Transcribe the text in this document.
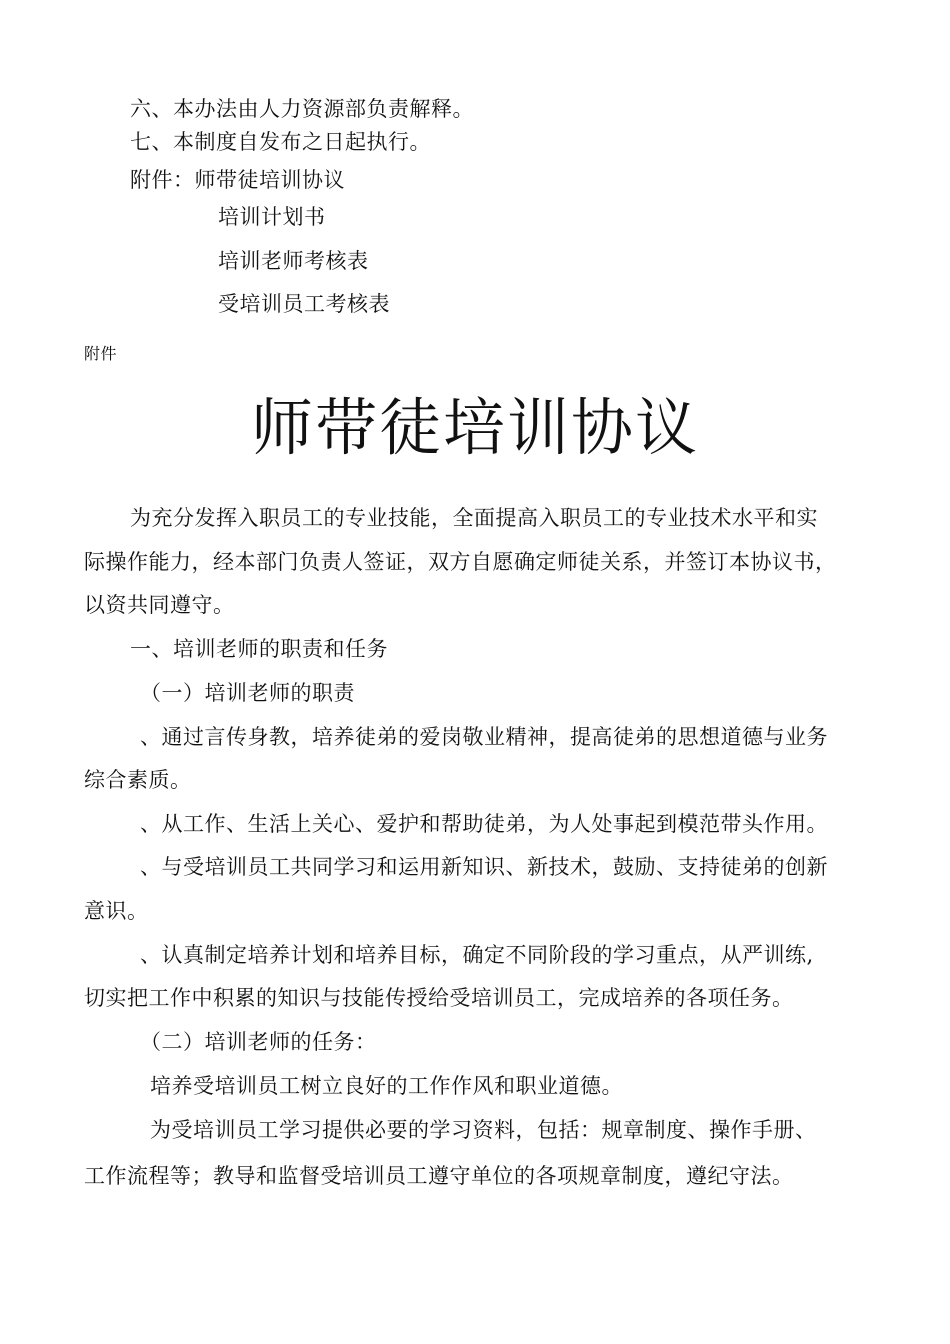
六、本办法由人力资源部负责解释。
七、本制度自发布之日起执行。
附件：师带徒培训协议
培训计划书
培训老师考核表
受培训员工考核表
附件
师带徒培训协议
为充分发挥入职员工的专业技能，全面提高入职员工的专业技术水平和实
际操作能力，经本部门负责人签证，双方自愿确定师徒关系，并签订本协议书，
以资共同遵守。
一、培训老师的职责和任务
（一）培训老师的职责
、通过言传身教，培养徒弟的爱岗敬业精神，提高徒弟的思想道德与业务
综合素质。
、从工作、生活上关心、爱护和帮助徒弟，为人处事起到模范带头作用。
、与受培训员工共同学习和运用新知识、新技术，鼓励、支持徒弟的创新
意识。
、认真制定培养计划和培养目标，确定不同阶段的学习重点，从严训练,
切实把工作中积累的知识与技能传授给受培训员工，完成培养的各项任务。
（二）培训老师的任务：
培养受培训员工树立良好的工作作风和职业道德。
为受培训员工学习提供必要的学习资料，包括：规章制度、操作手册、
工作流程等；教导和监督受培训员工遵守单位的各项规章制度，遵纪守法。
